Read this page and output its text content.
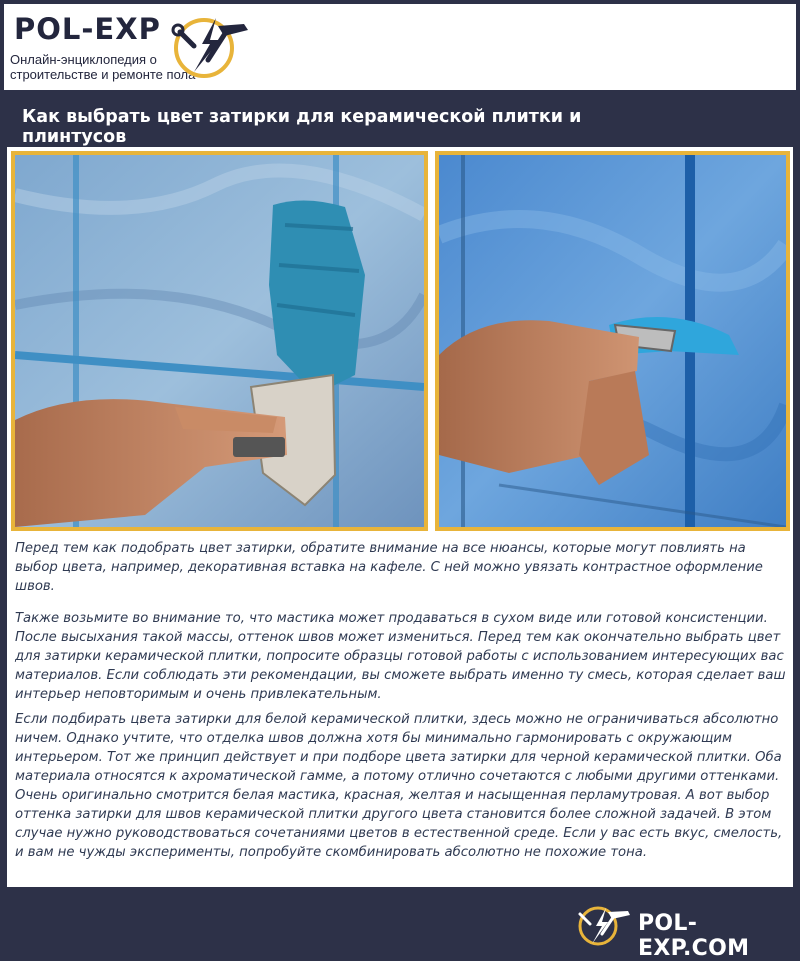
POL-EXP
Онлайн-энциклопедия о строительстве и ремонте пола
Как выбрать цвет затирки для керамической плитки и плинтусов

Перед тем как подобрать цвет затирки, обратите внимание на все нюансы, которые могут повлиять на выбор цвета, например, декоративная вставка на кафеле. С ней можно увязать контрастное оформление швов.

Также возьмите во внимание то, что мастика может продаваться в сухом виде или готовой консистенции. После высыхания такой массы, оттенок швов может измениться. Перед тем как окончательно выбрать цвет для затирки керамической плитки, попросите образцы готовой работы с использованием интересующих вас материалов. Если соблюдать эти рекомендации, вы сможете выбрать именно ту смесь, которая сделает ваш интерьер неповторимым и очень привлекательным.

Если подбирать цвета затирки для белой керамической плитки, здесь можно не ограничиваться абсолютно ничем. Однако учтите, что отделка швов должна хотя бы минимально гармонировать с окружающим интерьером. Тот же принцип действует и при подборе цвета затирки для черной керамической плитки. Оба материала относятся к ахроматической гамме, а потому отлично сочетаются с любыми другими оттенками. Очень оригинально смотрится белая мастика, красная, желтая и насыщенная перламутровая. А вот выбор оттенка затирки для швов керамической плитки другого цвета становится более сложной задачей. В этом случае нужно руководствоваться сочетаниями цветов в естественной среде. Если у вас есть вкус, смелость, и вам не чужды эксперименты, попробуйте скомбинировать абсолютно не похожие тона.

POL-EXP.COM
